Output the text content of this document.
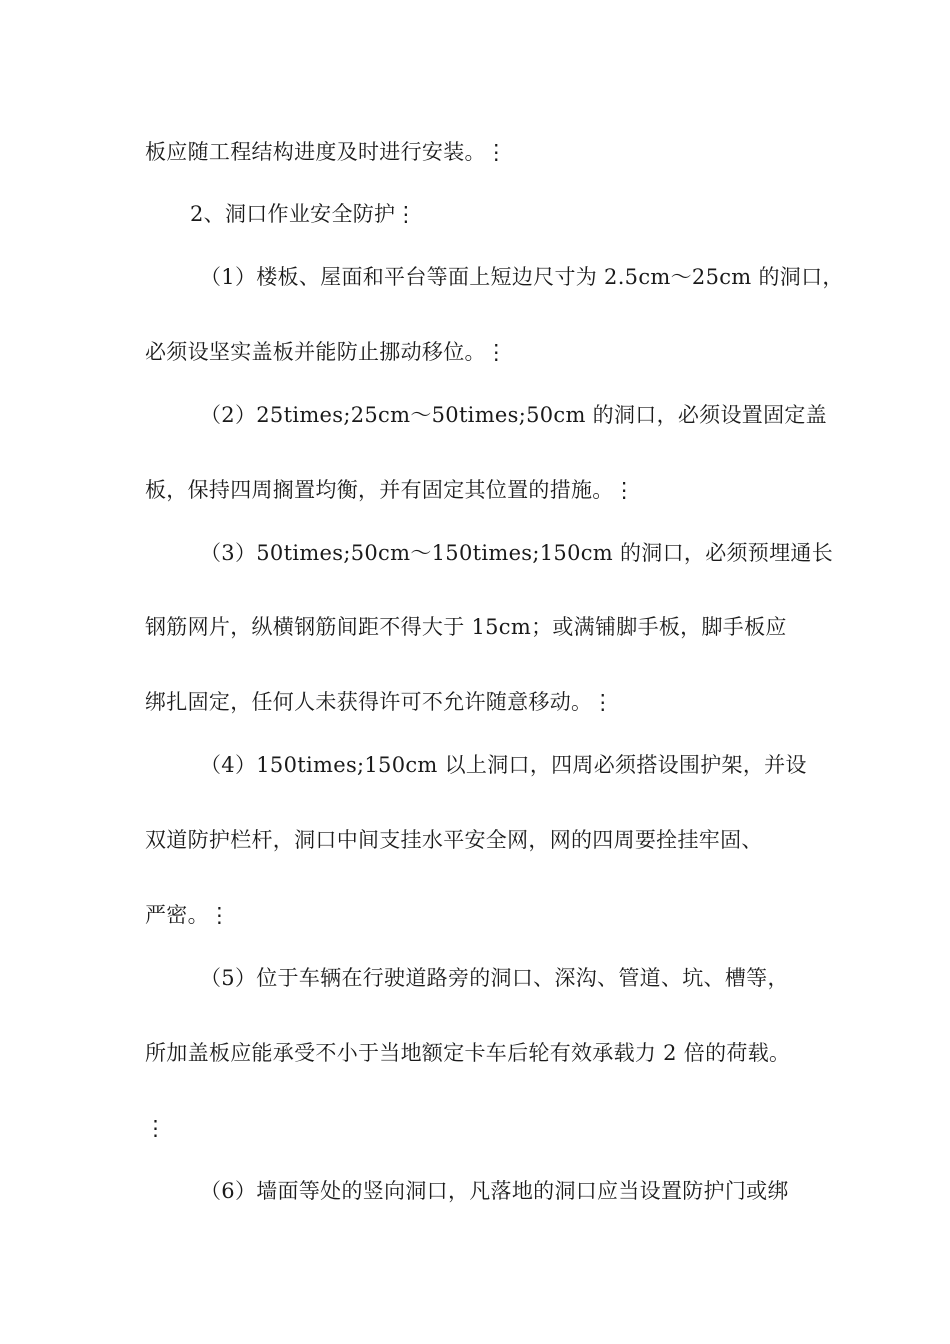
板应随工程结构进度及时进行安装。⋮
2、洞口作业安全防护⋮
（1）楼板、屋面和平台等面上短边尺寸为 2.5cm～25cm 的洞口，
必须设坚实盖板并能防止挪动移位。⋮
（2）25times;25cm～50times;50cm 的洞口，必须设置固定盖
板，保持四周搁置均衡，并有固定其位置的措施。⋮
（3）50times;50cm～150times;150cm 的洞口，必须预埋通长
钢筋网片，纵横钢筋间距不得大于 15cm；或满铺脚手板，脚手板应
绑扎固定，任何人未获得许可不允许随意移动。⋮
（4）150times;150cm 以上洞口，四周必须搭设围护架，并设
双道防护栏杆，洞口中间支挂水平安全网，网的四周要拴挂牢固、
严密。⋮
（5）位于车辆在行驶道路旁的洞口、深沟、管道、坑、槽等，
所加盖板应能承受不小于当地额定卡车后轮有效承载力 2 倍的荷载。
⋮
（6）墙面等处的竖向洞口，凡落地的洞口应当设置防护门或绑
